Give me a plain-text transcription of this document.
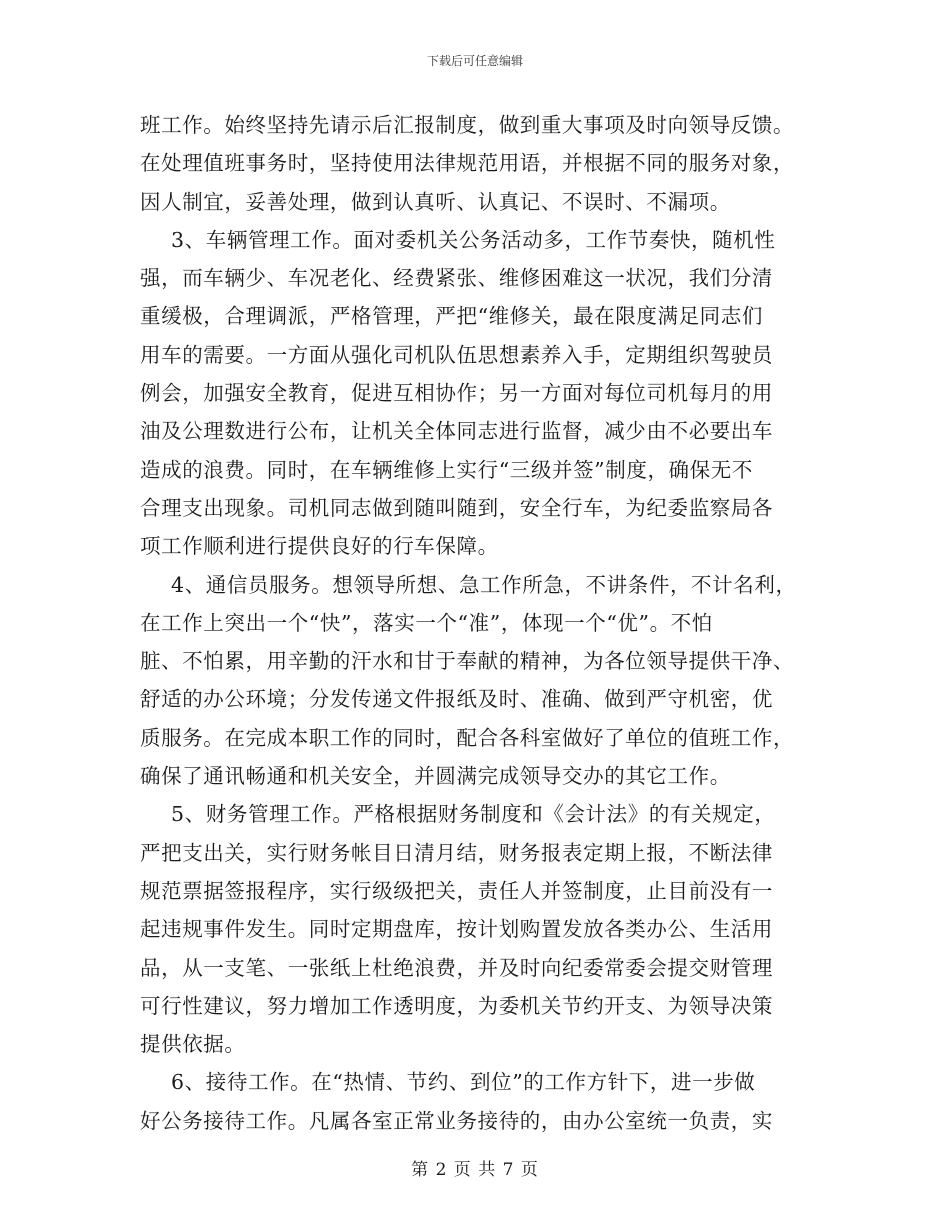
下载后可任意编辑
班工作。始终坚持先请示后汇报制度，做到重大事项及时向领导反馈。
在处理值班事务时，坚持使用法律规范用语，并根据不同的服务对象，
因人制宜，妥善处理，做到认真听、认真记、不误时、不漏项。
3、车辆管理工作。面对委机关公务活动多，工作节奏快，随机性
强，而车辆少、车况老化、经费紧张、维修困难这一状况，我们分清
重缓极，合理调派，严格管理，严把“维修关，最在限度满足同志们
用车的需要。一方面从强化司机队伍思想素养入手，定期组织驾驶员
例会，加强安全教育，促进互相协作；另一方面对每位司机每月的用
油及公理数进行公布，让机关全体同志进行监督，减少由不必要出车
造成的浪费。同时，在车辆维修上实行“三级并签”制度，确保无不
合理支出现象。司机同志做到随叫随到，安全行车，为纪委监察局各
项工作顺利进行提供良好的行车保障。
4、通信员服务。想领导所想、急工作所急，不讲条件，不计名利，
在工作上突出一个“快”，落实一个“准”，体现一个“优”。不怕
脏、不怕累，用辛勤的汗水和甘于奉献的精神，为各位领导提供干净、
舒适的办公环境；分发传递文件报纸及时、准确、做到严守机密，优
质服务。在完成本职工作的同时，配合各科室做好了单位的值班工作，
确保了通讯畅通和机关安全，并圆满完成领导交办的其它工作。
5、财务管理工作。严格根据财务制度和《会计法》的有关规定，
严把支出关，实行财务帐目日清月结，财务报表定期上报，不断法律
规范票据签报程序，实行级级把关，责任人并签制度，止目前没有一
起违规事件发生。同时定期盘库，按计划购置发放各类办公、生活用
品，从一支笔、一张纸上杜绝浪费，并及时向纪委常委会提交财管理
可行性建议，努力增加工作透明度，为委机关节约开支、为领导决策
提供依据。
6、接待工作。在“热情、节约、到位”的工作方针下，进一步做
好公务接待工作。凡属各室正常业务接待的，由办公室统一负责，实
第 2 页 共 7 页
